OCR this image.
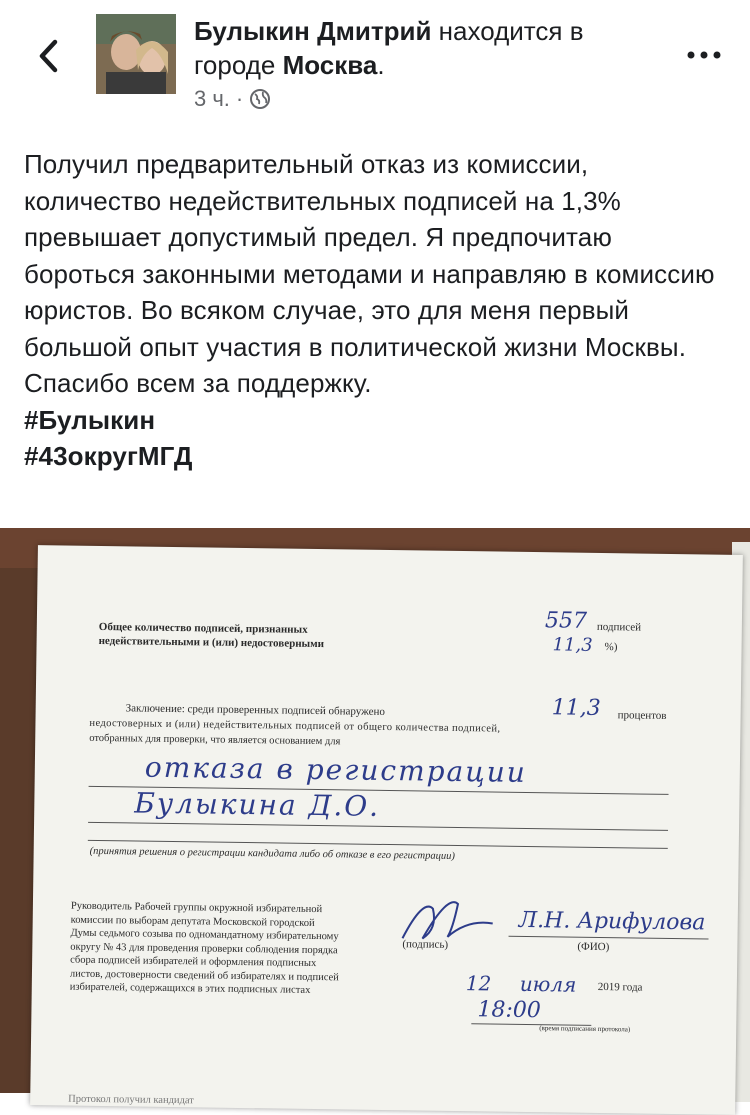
Булыкин Дмитрий находится в городе Москва.
3 ч. ·

Получил предварительный отказ из комиссии, количество недействительных подписей на 1,3% превышает допустимый предел. Я предпочитаю бороться законными методами и направляю в комиссию юристов. Во всяком случае, это для меня первый большой опыт участия в политической жизни Москвы.

Спасибо всем за поддержку.

#Булыкин

#43округМГД

Общее количество подписей, признанных
недействительными и (или) недостоверными
557 подписей
11,3 %)
Заключение: среди проверенных подписей обнаружено	11,3 процентов
недостоверных и (или) недействительных подписей от общего количества подписей,
отобранных для проверки, что является основанием для
отказа в регистрации
Булыкина Д.О.
(принятия решения о регистрации кандидата либо об отказе в его регистрации)
Руководитель Рабочей группы окружной избирательной комиссии по выборам депутата Московской городской Думы седьмого созыва по одномандатному избирательному округу № 43 для проведения проверки соблюдения порядка сбора подписей избирателей и оформления подписных листов, достоверности сведений об избирателях и подписей избирателей, содержащихся в этих подписных листах
(подпись)
Л.Н. Арифулова
(ФИО)
12 июля 2019 года
18:00
(время подписания протокола)
Протокол получил кандидат
